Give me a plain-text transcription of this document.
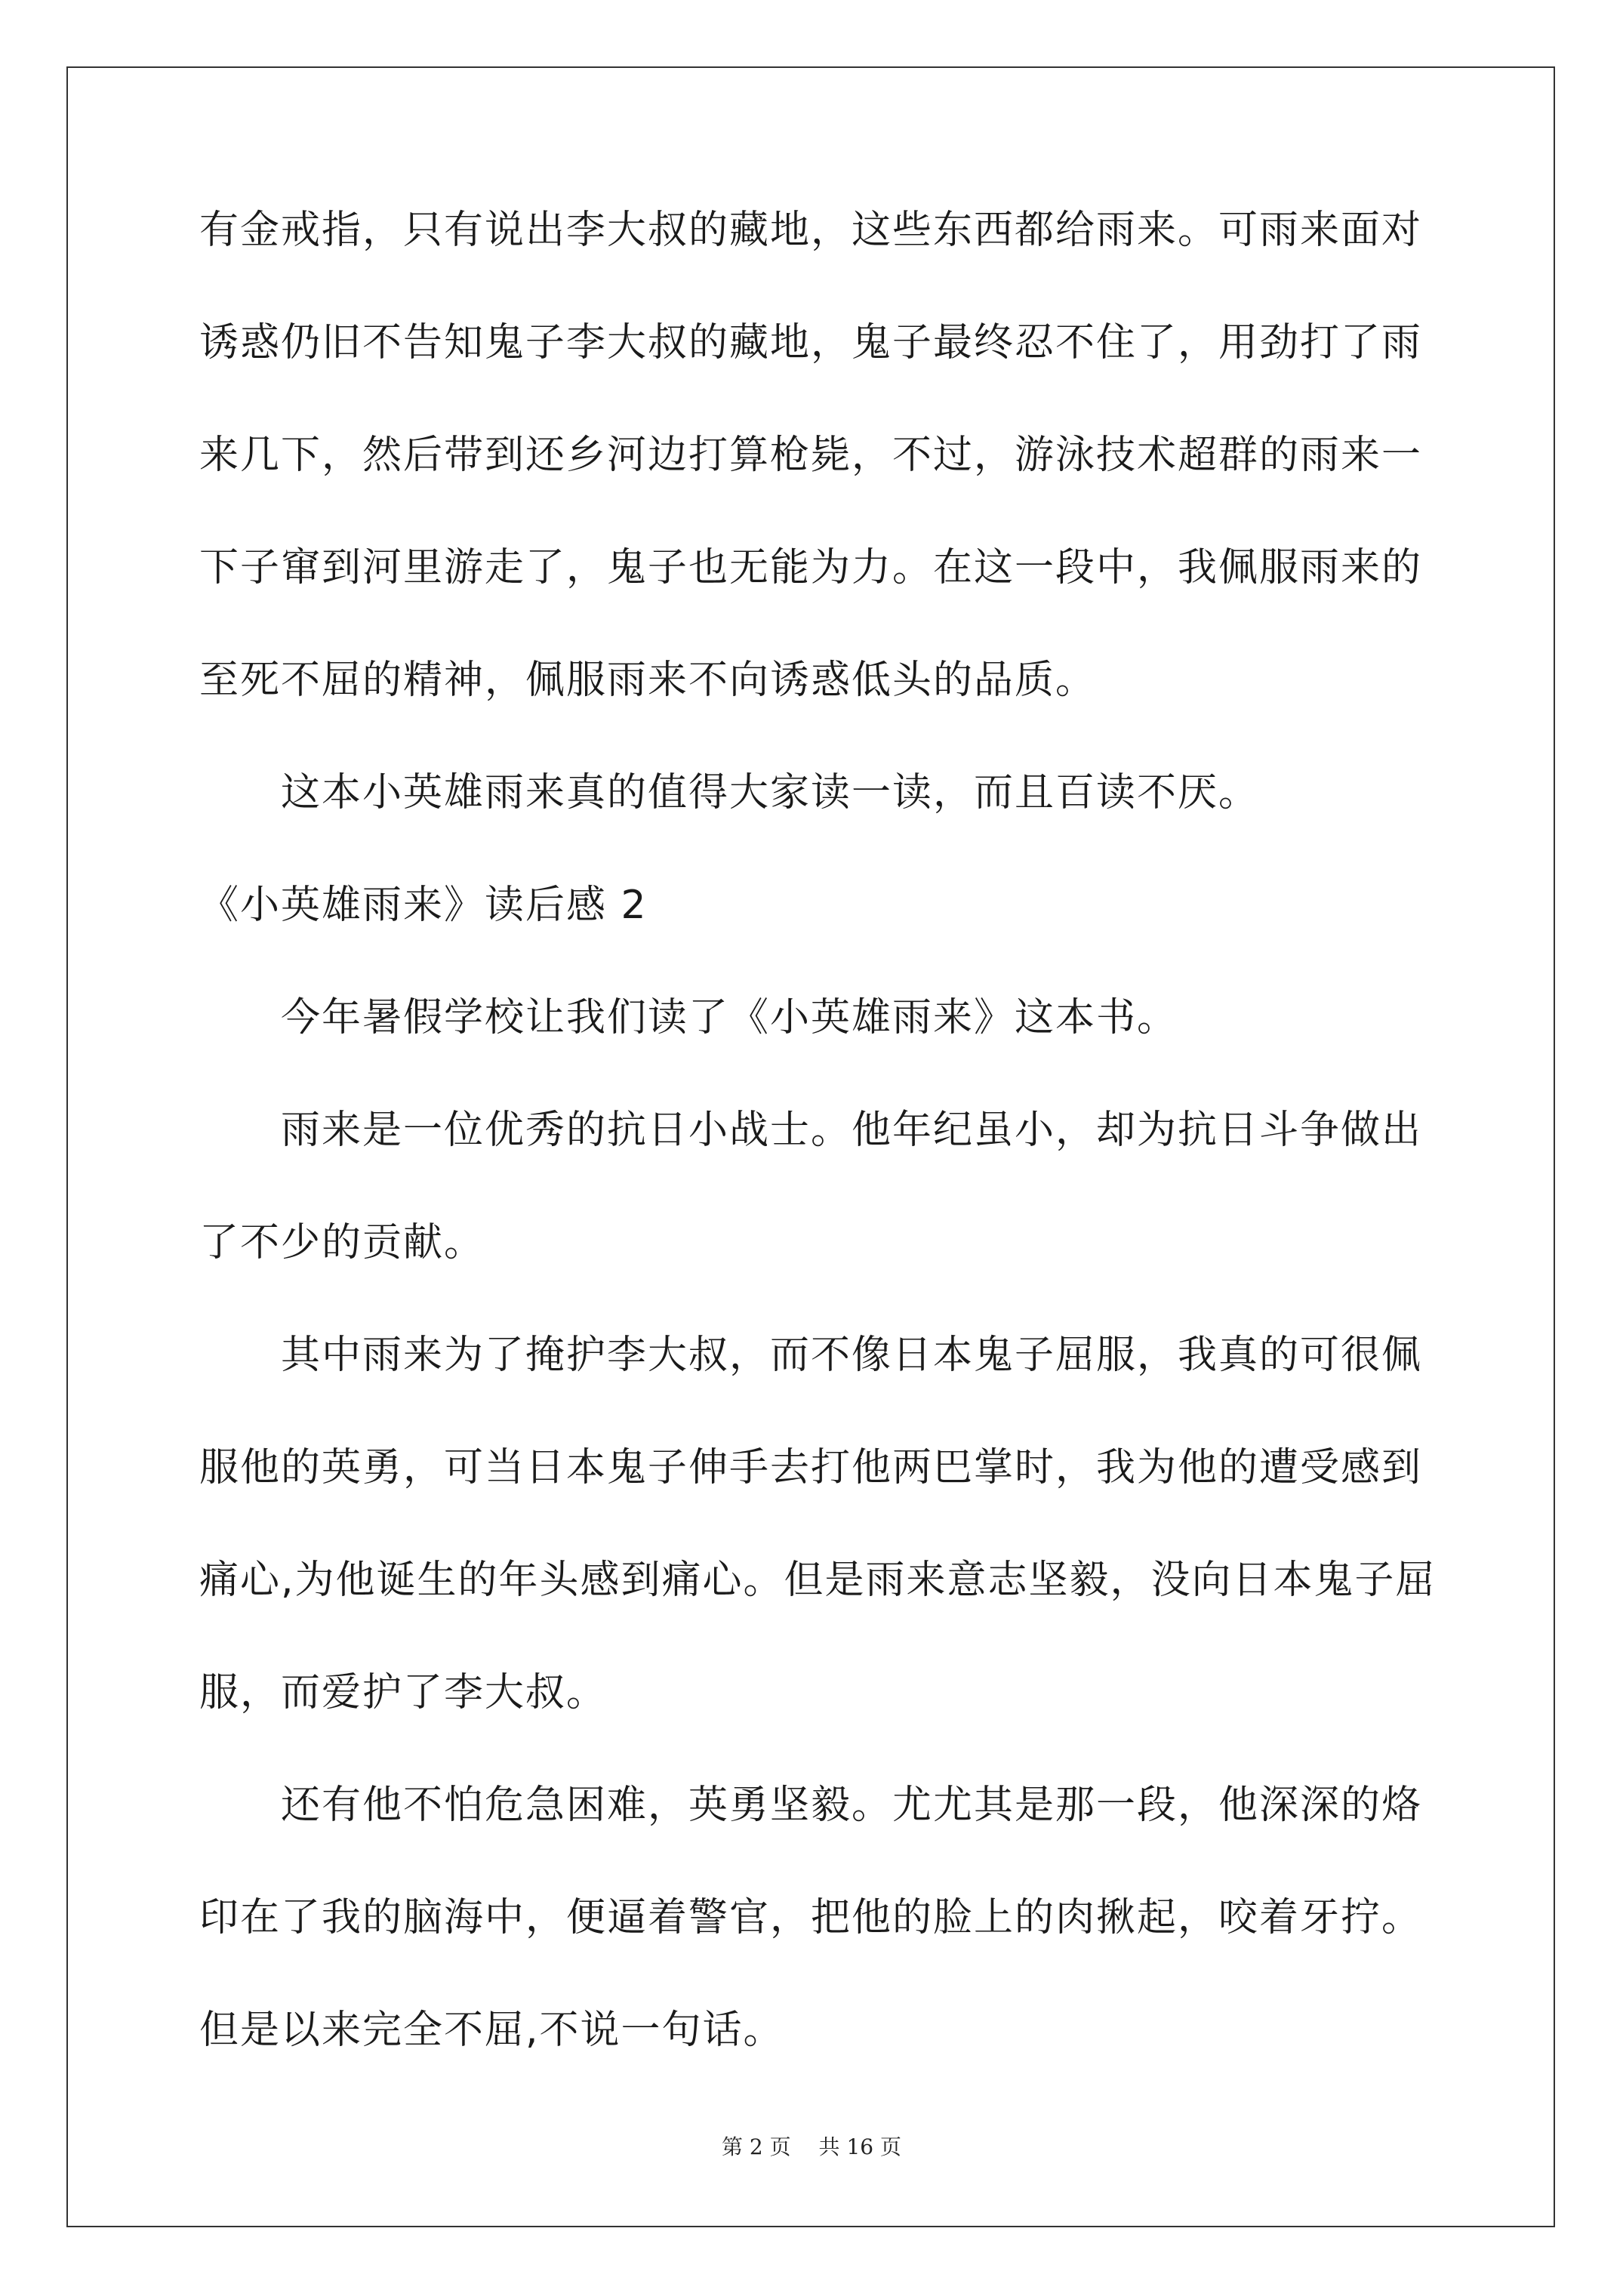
有金戒指，只有说出李大叔的藏地，这些东西都给雨来。可雨来面对

诱惑仍旧不告知鬼子李大叔的藏地，鬼子最终忍不住了，用劲打了雨

来几下，然后带到还乡河边打算枪毙，不过，游泳技术超群的雨来一

下子窜到河里游走了，鬼子也无能为力。在这一段中，我佩服雨来的

至死不屈的精神，佩服雨来不向诱惑低头的品质。

这本小英雄雨来真的值得大家读一读，而且百读不厌。

《小英雄雨来》读后感 2

今年暑假学校让我们读了《小英雄雨来》这本书。

雨来是一位优秀的抗日小战士。他年纪虽小，却为抗日斗争做出

了不少的贡献。

其中雨来为了掩护李大叔，而不像日本鬼子屈服，我真的可很佩

服他的英勇，可当日本鬼子伸手去打他两巴掌时，我为他的遭受感到

痛心,为他诞生的年头感到痛心。但是雨来意志坚毅，没向日本鬼子屈

服，而爱护了李大叔。

还有他不怕危急困难，英勇坚毅。尤尤其是那一段，他深深的烙

印在了我的脑海中，便逼着警官，把他的脸上的肉揪起，咬着牙拧。

但是以来完全不屈,不说一句话。

第 2 页 共 16 页
